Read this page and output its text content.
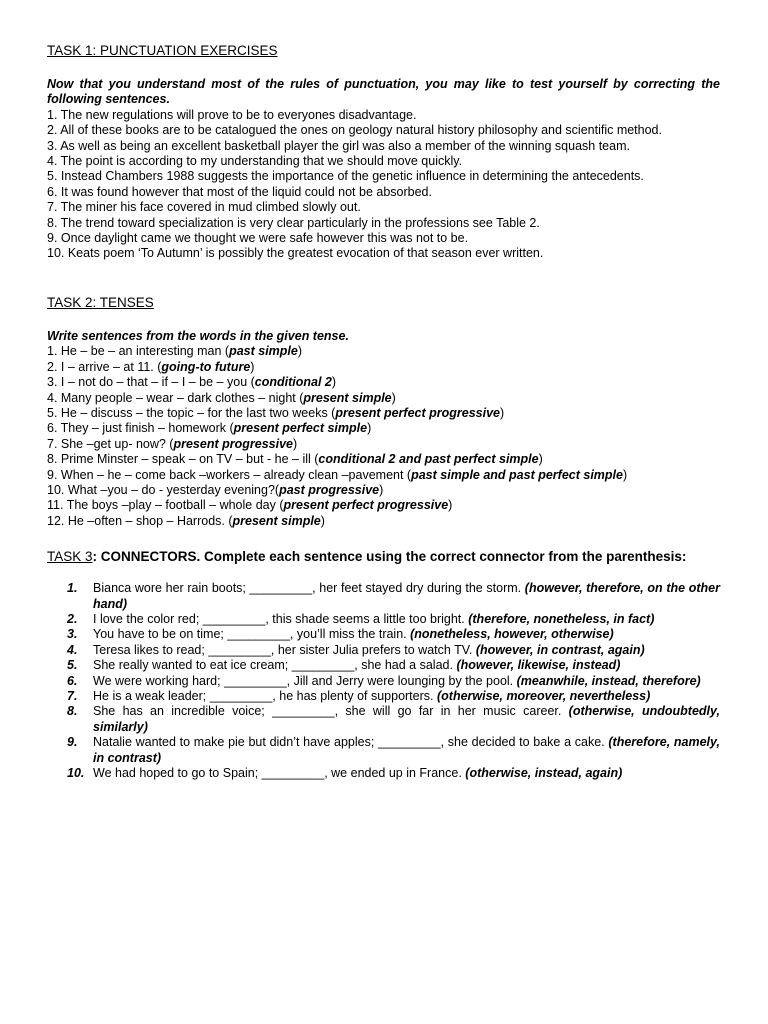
TASK 1: PUNCTUATION EXERCISES

Now that you understand most of the rules of punctuation, you may like to test yourself by correcting the following sentences.

1. The new regulations will prove to be to everyones disadvantage.

2. All of these books are to be catalogued the ones on geology natural history philosophy and scientific method.

3. As well as being an excellent basketball player the girl was also a member of the winning squash team.

4. The point is according to my understanding that we should move quickly.

5. Instead Chambers 1988 suggests the importance of the genetic influence in determining the antecedents.

6. It was found however that most of the liquid could not be absorbed.

7. The miner his face covered in mud climbed slowly out.

8. The trend toward specialization is very clear particularly in the professions see Table 2.

9. Once daylight came we thought we were safe however this was not to be.

10. Keats poem ‘To Autumn’ is possibly the greatest evocation of that season ever written.

TASK 2: TENSES

Write sentences from the words in the given tense.

1. He – be – an interesting man (past simple)

2. I – arrive – at 11. (going-to future)

3. I – not do – that – if – I – be – you (conditional 2)

4. Many people – wear – dark clothes – night (present simple)

5. He – discuss – the topic – for the last two weeks (present perfect progressive)

6. They – just finish – homework (present perfect simple)

7. She –get up- now? (present progressive)

8. Prime Minster – speak – on TV – but - he – ill (conditional 2 and past perfect simple)

9. When – he – come back –workers – already clean –pavement (past simple and past perfect simple)

10. What –you – do - yesterday evening?(past progressive)

11. The boys –play – football – whole day (present perfect progressive)

12. He –often – shop – Harrods. (present simple)

TASK 3: CONNECTORS. Complete each sentence using the correct connector from the parenthesis:
1.	Bianca wore her rain boots; _________, her feet stayed dry during the storm. (however, therefore, on the other hand)
2.	I love the color red; _________, this shade seems a little too bright. (therefore, nonetheless, in fact)
3.	You have to be on time; _________, you’ll miss the train. (nonetheless, however, otherwise)
4.	Teresa likes to read; _________, her sister Julia prefers to watch TV. (however, in contrast, again)
5.	She really wanted to eat ice cream; _________, she had a salad. (however, likewise, instead)
6.	We were working hard; _________, Jill and Jerry were lounging by the pool. (meanwhile, instead, therefore)
7.	He is a weak leader; _________, he has plenty of supporters. (otherwise, moreover, nevertheless)
8.	She has an incredible voice; _________, she will go far in her music career. (otherwise, undoubtedly, similarly)
9.	Natalie wanted to make pie but didn’t have apples; _________, she decided to bake a cake. (therefore, namely, in contrast)
10. We had hoped to go to Spain; _________, we ended up in France. (otherwise, instead, again)
